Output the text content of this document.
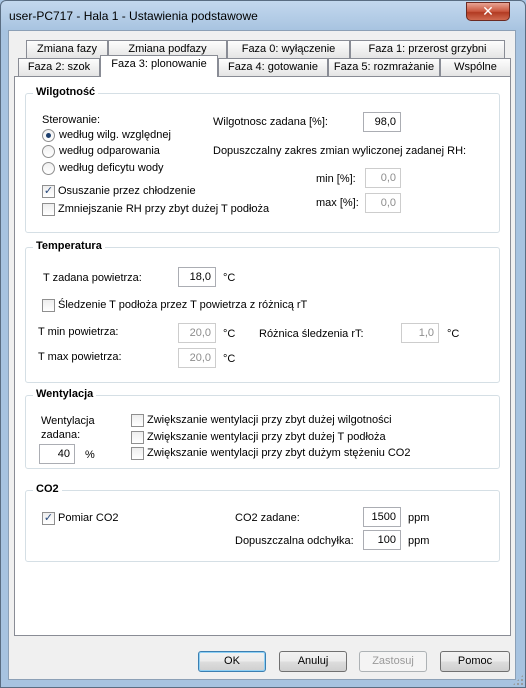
user-PC717 - Hala 1 - Ustawienia podstawowe	✕
Zmiana fazy	Zmiana podfazy	Faza 0: wyłączenie	Faza 1: przerost grzybni
Faza 2: szok	Faza 3: plonowanie	Faza 4: gotowanie	Faza 5: rozmrażanie	Wspólne
Wilgotność
Sterowanie:
według wilg. względnej
według odparowania
według deficytu wody
✓ Osuszanie przez chłodzenie
Zmniejszanie RH przy zbyt dużej T podłoża
Wilgotnosc zadana [%]:	98,0
Dopuszczalny zakres zmian wyliczonej zadanej RH:
min [%]:	0,0
max [%]:	0,0
Temperatura
T zadana powietrza:	18,0	°C
Śledzenie T podłoża przez T powietrza z różnicą rT
T min powietrza:	20,0	°C
T max powietrza:	20,0	°C
Różnica śledzenia rT:	1,0	°C
Wentylacja
Wentylacja
zadana:
40	%
Zwiększanie wentylacji przy zbyt dużej wilgotności
Zwiększanie wentylacji przy zbyt dużej T podłoża
Zwiększanie wentylacji przy zbyt dużym stężeniu CO2
CO2
✓ Pomiar CO2	CO2 zadane:	1500	ppm
Dopuszczalna odchyłka:	100	ppm
OK	Anuluj	Zastosuj	Pomoc
